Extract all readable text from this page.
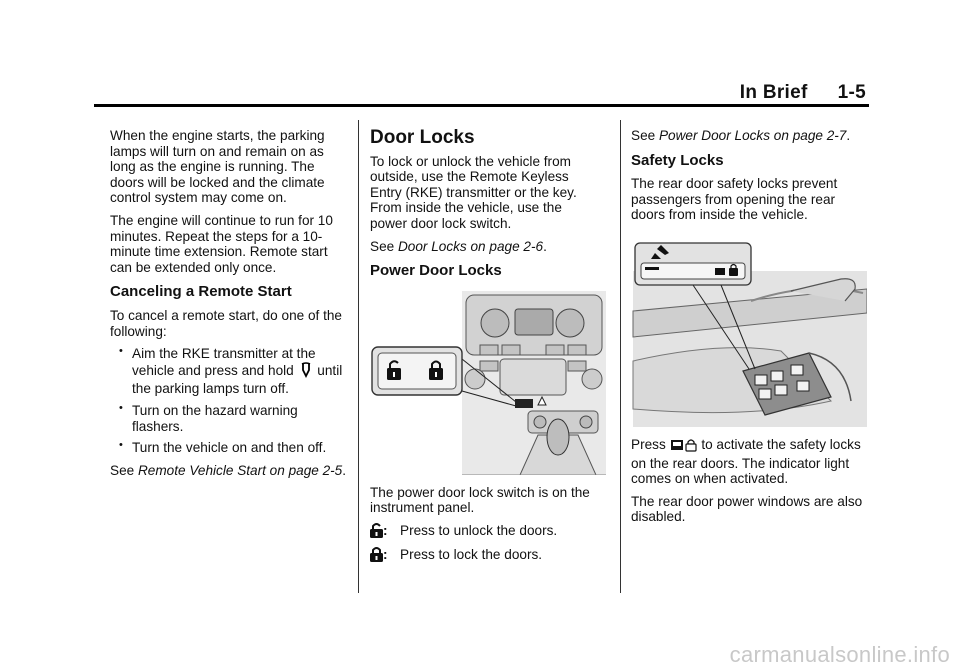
In Brief 1-5

When the engine starts, the parking lamps will turn on and remain on as long as the engine is running. The doors will be locked and the climate control system may come on.

The engine will continue to run for 10 minutes. Repeat the steps for a 10-minute time extension. Remote start can be extended only once.

Canceling a Remote Start

To cancel a remote start, do one of the following:

• Aim the RKE transmitter at the vehicle and press and hold until the parking lamps turn off.
• Turn on the hazard warning flashers.
• Turn the vehicle on and then off.

See Remote Vehicle Start on page 2-5.

Door Locks

To lock or unlock the vehicle from outside, use the Remote Keyless Entry (RKE) transmitter or the key. From inside the vehicle, use the power door lock switch.

See Door Locks on page 2-6.

Power Door Locks

The power door lock switch is on the instrument panel.

: Press to unlock the doors.
: Press to lock the doors.

See Power Door Locks on page 2-7.

Safety Locks

The rear door safety locks prevent passengers from opening the rear doors from inside the vehicle.

Press	to activate the safety locks on the rear doors. The indicator light comes on when activated.

The rear door power windows are also disabled.

carmanualsonline.info
